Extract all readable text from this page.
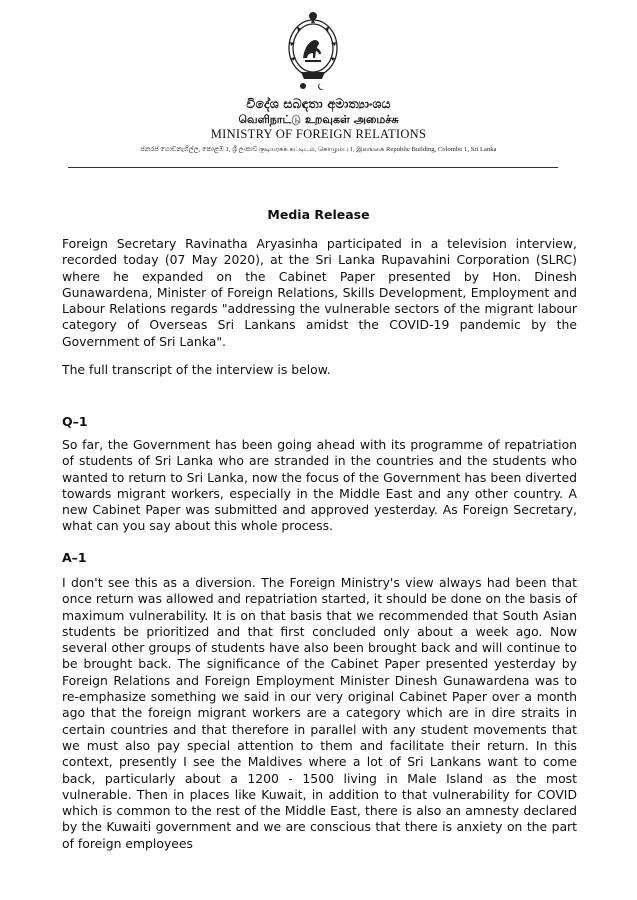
විදේශ සබඳතා අමාත්‍යාංශය
வெளிநாட்டு உறவுகள் அமைச்சு
MINISTRY OF FOREIGN RELATIONS
ජනරජ ගොඩනැගිල්ල, කොළඹ 1, ශ්‍රී ලංකාව குடியரசுக் கட்டிடம், கொழும்பு 1, இலங்கை Republic Building, Colombo 1, Sri Lanka
Media Release

Foreign Secretary Ravinatha Aryasinha participated in a television interview, recorded today (07 May 2020), at the Sri Lanka Rupavahini Corporation (SLRC) where he expanded on the Cabinet Paper presented by Hon. Dinesh Gunawardena, Minister of Foreign Relations, Skills Development, Employment and Labour Relations regards "addressing the vulnerable sectors of the migrant labour category of Overseas Sri Lankans amidst the COVID-19 pandemic by the Government of Sri Lanka".

The full transcript of the interview is below.

Q–1

So far, the Government has been going ahead with its programme of repatriation of students of Sri Lanka who are stranded in the countries and the students who wanted to return to Sri Lanka, now the focus of the Government has been diverted towards migrant workers, especially in the Middle East and any other country. A new Cabinet Paper was submitted and approved yesterday. As Foreign Secretary, what can you say about this whole process.

A–1

I don't see this as a diversion. The Foreign Ministry's view always had been that once return was allowed and repatriation started, it should be done on the basis of maximum vulnerability. It is on that basis that we recommended that South Asian students be prioritized and that first concluded only about a week ago. Now several other groups of students have also been brought back and will continue to be brought back. The significance of the Cabinet Paper presented yesterday by Foreign Relations and Foreign Employment Minister Dinesh Gunawardena was to re-emphasize something we said in our very original Cabinet Paper over a month ago that the foreign migrant workers are a category which are in dire straits in certain countries and that therefore in parallel with any student movements that we must also pay special attention to them and facilitate their return. In this context, presently I see the Maldives where a lot of Sri Lankans want to come back, particularly about a 1200 - 1500 living in Male Island as the most vulnerable. Then in places like Kuwait, in addition to that vulnerability for COVID which is common to the rest of the Middle East, there is also an amnesty declared by the Kuwaiti government and we are conscious that there is anxiety on the part of foreign employees
